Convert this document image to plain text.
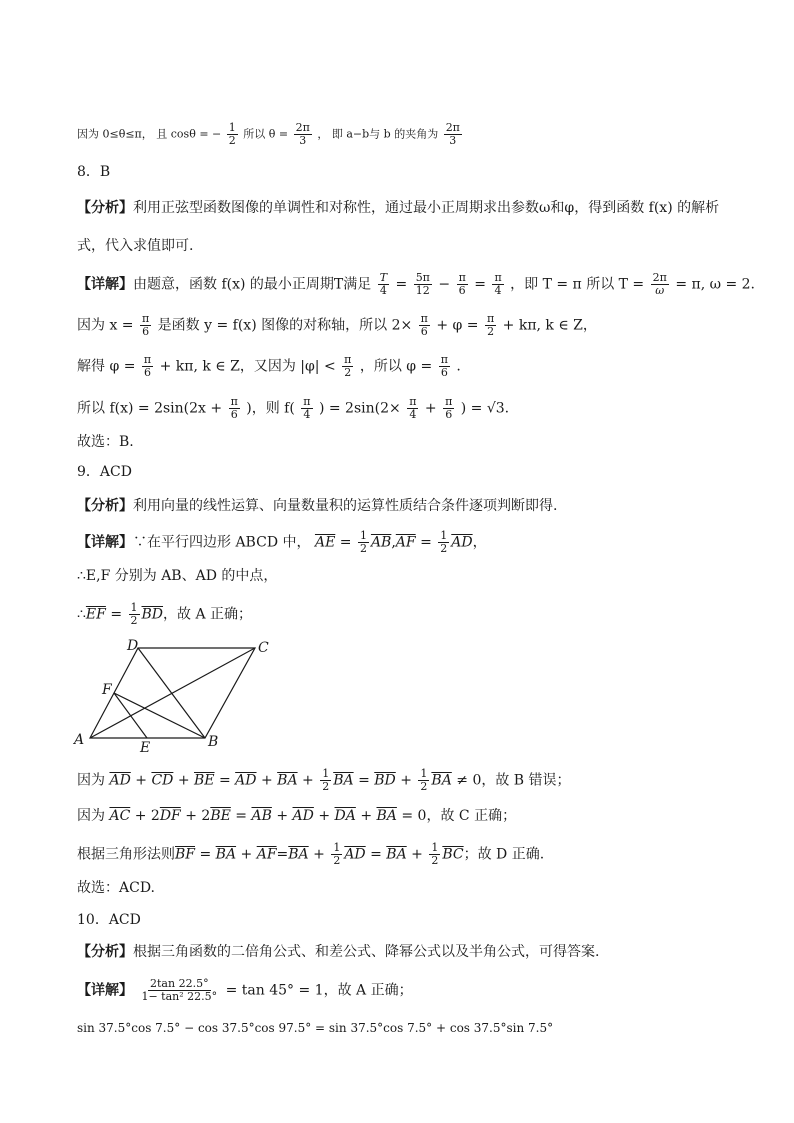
因为 0≤θ≤π， 且 cosθ = − $\frac{1}{2}$ 所以 $\theta = \frac{2\pi}{3}$ ， 即 a−b与 b 的夹角为 $\frac{2\pi}{3}$
8．B
【分析】利用正弦型函数图像的单调性和对称性，通过最小正周期求出参数ω和φ，得到函数 f(x) 的解析
式，代入求值即可.
【详解】由题意，函数 f(x) 的最小正周期T满足 $\frac{T}{4} = \frac{5\pi}{12} - \frac{\pi}{6} = \frac{\pi}{4}$ ，即 T = π 所以 $T = \frac{2\pi}{\omega} = \pi$, ω = 2.
因为 $x = \frac{\pi}{6}$ 是函数 y = f(x) 图像的对称轴，所以 $2\times \frac{\pi}{6} + \varphi = \frac{\pi}{2} + k\pi$, k ∈ Z，
解得 $\varphi = \frac{\pi}{6} + k\pi$, k ∈ Z，又因为 $|\varphi| < \frac{\pi}{2}$ ，所以 $\varphi = \frac{\pi}{6}$ .
所以 $f(x) = 2\sin(2x + \frac{\pi}{6}$ )，则 $f( \frac{\pi}{4}$ ) = $2\sin(2\times \frac{\pi}{4} + \frac{\pi}{6}$ ) = √3.
故选：B.
9．ACD
【分析】利用向量的线性运算、向量数量积的运算性质结合条件逐项判断即得.
【详解】∵在平行四边形 ABCD 中， $\overline{AE} = \frac{1}{2} \overline{AB},\overline{AF} = \frac{1}{2} \overline{AD}$，
∴E,F 分别为 AB、AD 的中点，
$\therefore\overline{EF} = \frac{1}{2} \overline{BD}$，故 A 正确；
A	B
C
D
E
F
因为 $\overline{AD} + \overline{CD} + \overline{BE} = \overline{AD} + \overline{BA} + \frac{1}{2} \overline{BA} = \overline{BD} + \frac{1}{2} \overline{BA} \ne 0$，故 B 错误；
因为 $\overline{AC} + 2\overline{DF} + 2\overline{BE} = \overline{AB} + \overline{AD} + \overline{DA} + \overline{BA} = 0$，故 C 正确；
根据三角形法则$\overline{BF} = \overline{BA} + \overline{AF}=\overline{BA} + \frac{1}{2} \overline{AD} = \overline{BA} + \frac{1}{2} \overline{BC}$；故 D 正确.
故选：ACD.
10．ACD
【分析】根据三角函数的二倍角公式、和差公式、降幂公式以及半角公式，可得答案.
【详解】 $\frac{2\tan 22.5^\circ}{\text{1− tan² 22.5°}} = \tan 45^\circ = 1$，故 A 正确；
sin 37.5°cos 7.5° − cos 37.5°cos 97.5° = sin 37.5°cos 7.5° + cos 37.5°sin 7.5°
